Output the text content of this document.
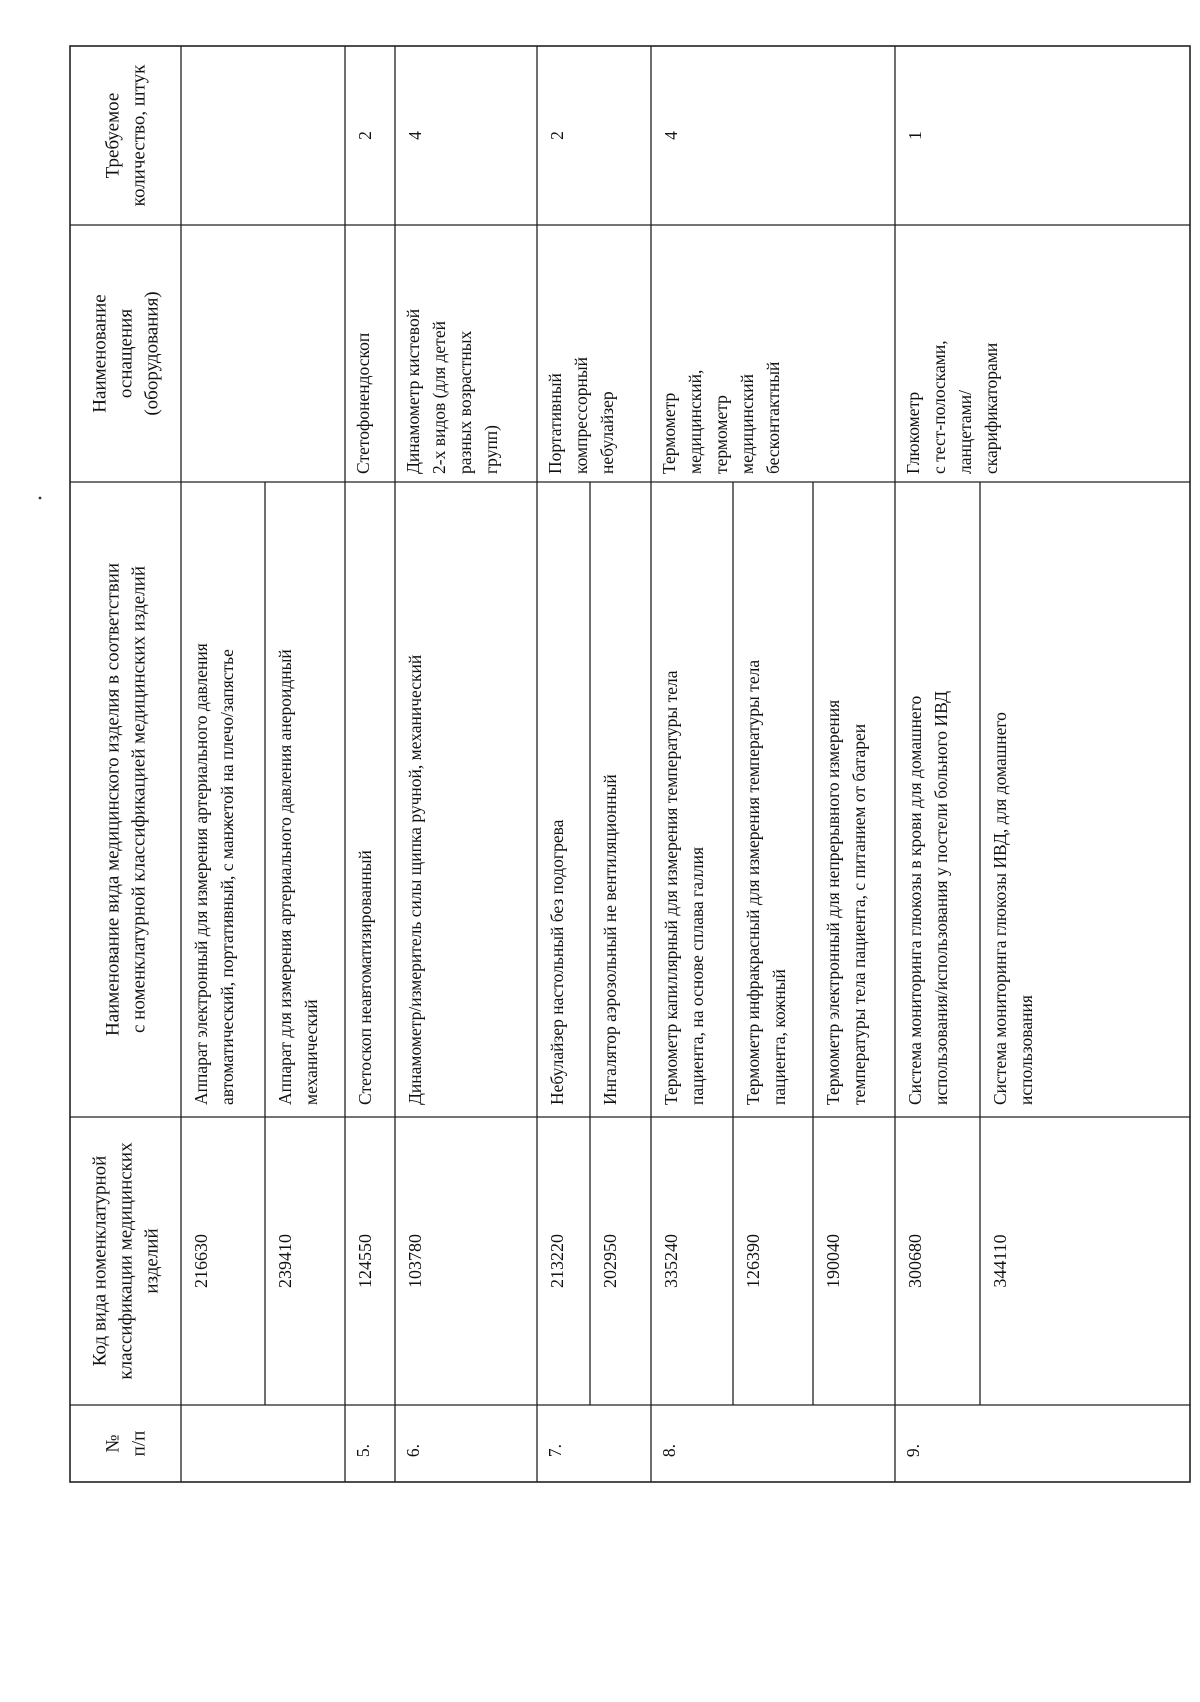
№ п/п
Код вида номенклатурной классификации медицинских изделий
Наименование вида медицинского изделия в соответствии с номенклатурной классификацией медицинских изделий
Наименование оснащения (оборудования)
Требуемое количество, штук
216630
Аппарат электронный для измерения артериального давления автоматический, портативный, с манжетой на плечо/запястье
239410
Аппарат для измерения артериального давления анероидный механический
5.
2
Стетофонендоскоп
124550
Стетоскоп неавтоматизированный
6.
4
Динамометр кистевой 2-х видов (для детей разных возрастных групп)
103780
Динамометр/измеритель силы щипка ручной, механический
7.
2
Портативный компрессорный небулайзер
213220
Небулайзер настольный без подогрева
202950
Ингалятор аэрозольный не вентиляционный
8.
4
Термометр медицинский, термометр медицинский бесконтактный
335240
Термометр капиллярный для измерения температуры тела пациента, на основе сплава галлия
126390
Термометр инфракрасный для измерения температуры тела пациента, кожный
190040
Термометр электронный для непрерывного измерения температуры тела пациента, с питанием от батареи
9.
1
Глюкометр с тест-полосками, ланцетами/ скарификаторами
300680
Система мониторинга глюкозы в крови для домашнего использования/использования у постели больного ИВД
344110
Система мониторинга глюкозы ИВД, для домашнего использования
